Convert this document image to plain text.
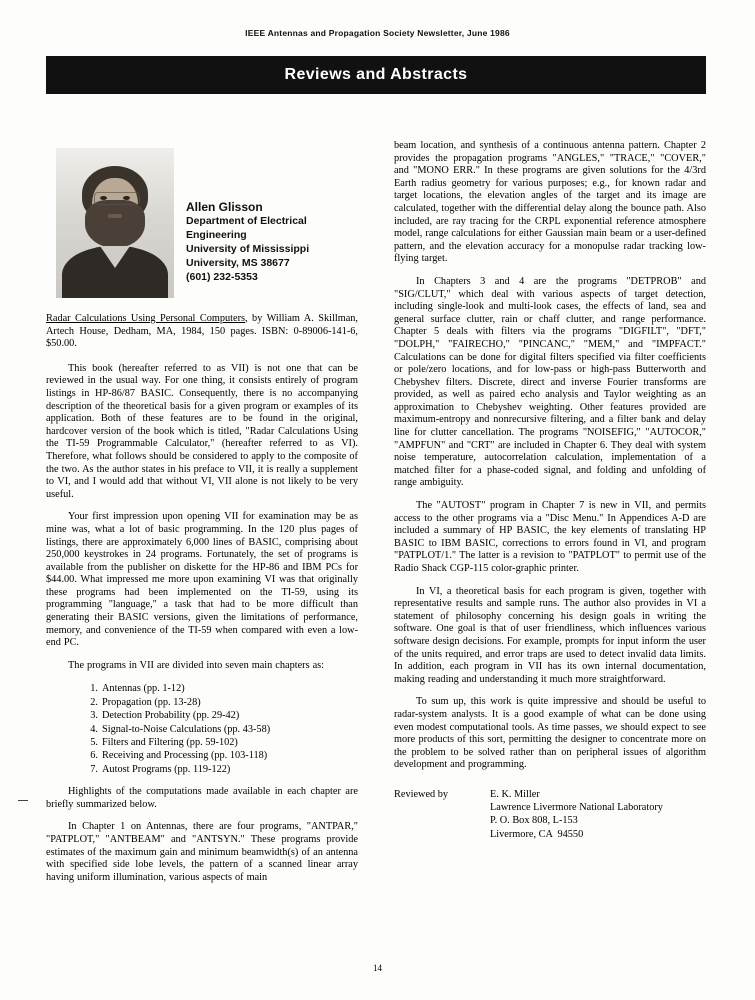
IEEE Antennas and Propagation Society Newsletter, June 1986
Reviews and Abstracts
Allen Glisson
Department of Electrical
Engineering
University of Mississippi
University, MS 38677
(601) 232-5353
Radar Calculations Using Personal Computers, by William A. Skillman, Artech House, Dedham, MA, 1984, 150 pages. ISBN: 0-89006-141-6, $50.00.

This book (hereafter referred to as VII) is not one that can be reviewed in the usual way. For one thing, it consists entirely of program listings in HP-86/87 BASIC. Consequently, there is no accompanying description of the theoretical basis for a given program or examples of its application. Both of these features are to be found in the original, hardcover version of the book which is titled, "Radar Calculations Using the TI-59 Programmable Calculator," (hereafter referred to as VI). Therefore, what follows should be considered to apply to the composite of the two. As the author states in his preface to VII, it is really a supplement to VI, and I would add that without VI, VII alone is not likely to be very useful.

Your first impression upon opening VII for examination may be as mine was, what a lot of basic programming. In the 120 plus pages of listings, there are approximately 6,000 lines of BASIC, comprising about 250,000 keystrokes in 24 programs. Fortunately, the set of programs is available from the publisher on diskette for the HP-86 and IBM PCs for $44.00. What impressed me more upon examining VI was that originally these programs had been implemented on the TI-59, using its programming "language," a task that had to be more difficult than generating their BASIC versions, given the limitations of performance, memory, and convenience of the TI-59 when compared with even a low-end PC.

The programs in VII are divided into seven main chapters as:

1. Antennas (pp. 1-12)
2. Propagation (pp. 13-28)
3. Detection Probability (pp. 29-42)
4. Signal-to-Noise Calculations (pp. 43-58)
5. Filters and Filtering (pp. 59-102)
6. Receiving and Processing (pp. 103-118)
7. Autost Programs (pp. 119-122)

Highlights of the computations made available in each chapter are briefly summarized below.

In Chapter 1 on Antennas, there are four programs, "ANTPAR," "PATPLOT," "ANTBEAM" and "ANTSYN." These programs provide estimates of the maximum gain and minimum beamwidth(s) of an antenna with specified side lobe levels, the pattern of a scanned linear array having uniform illumination, various aspects of main

beam location, and synthesis of a continuous antenna pattern. Chapter 2 provides the propagation programs "ANGLES," "TRACE," "COVER," and "MONO ERR." In these programs are given solutions for the 4/3rd Earth radius geometry for various purposes; e.g., for known radar and target locations, the elevation angles of the target and its image are calculated, together with the differential delay along the bounce path. Also included, are ray tracing for the CRPL exponential reference atmosphere model, range calculations for either Gaussian main beam or a user-defined pattern, and the elevation accuracy for a monopulse radar tracking low-flying target.

In Chapters 3 and 4 are the programs "DETPROB" and "SIG/CLUT," which deal with various aspects of target detection, including single-look and multi-look cases, the effects of land, sea and general surface clutter, rain or chaff clutter, and range performance. Chapter 5 deals with filters via the programs "DIGFILT", "DFT," "DOLPH," "FAIRECHO," "PINCANC," "MEM," and "IMPFACT." Calculations can be done for digital filters specified via filter coefficients or pole/zero locations, and for low-pass or high-pass Butterworth and Chebyshev filters. Discrete, direct and inverse Fourier transforms are provided, as well as paired echo analysis and Taylor weighting as an approximation to Chebyshev weighting. Other features provided are maximum-entropy and nonrecursive filtering, and a filter bank and delay line for clutter cancellation. The programs "NOISEFIG," "AUTOCOR," "AMPFUN" and "CRT" are included in Chapter 6. They deal with system noise temperature, autocorrelation calculation, implementation of a matched filter for a phase-coded signal, and folding and unfolding of range ambiguity.

The "AUTOST" program in Chapter 7 is new in VII, and permits access to the other programs via a "Disc Menu." In Appendices A-D are included a summary of HP BASIC, the key elements of translating HP BASIC to IBM BASIC, corrections to errors found in VI, and program "PATPLOT/1." The latter is a revision to "PATPLOT" to permit use of the Radio Shack CGP-115 color-graphic printer.

In VI, a theoretical basis for each program is given, together with representative results and sample runs. The author also provides in VI a statement of philosophy concerning his design goals in writing the software. One goal is that of user friendliness, which influences various software design decisions. For example, prompts for input inform the user of the units required, and error traps are used to detect invalid data limits. In addition, each program in VII has its own internal documentation, making reading and understanding it much more straightforward.

To sum up, this work is quite impressive and should be useful to radar-system analysts. It is a good example of what can be done using even modest computational tools. As time passes, we should expect to see more products of this sort, permitting the designer to concentrate more on the problem to be solved rather than on peripheral issues of algorithm development and programming.

Reviewed by	E. K. Miller
Lawrence Livermore National Laboratory
P. O. Box 808, L-153
Livermore, CA  94550
14
